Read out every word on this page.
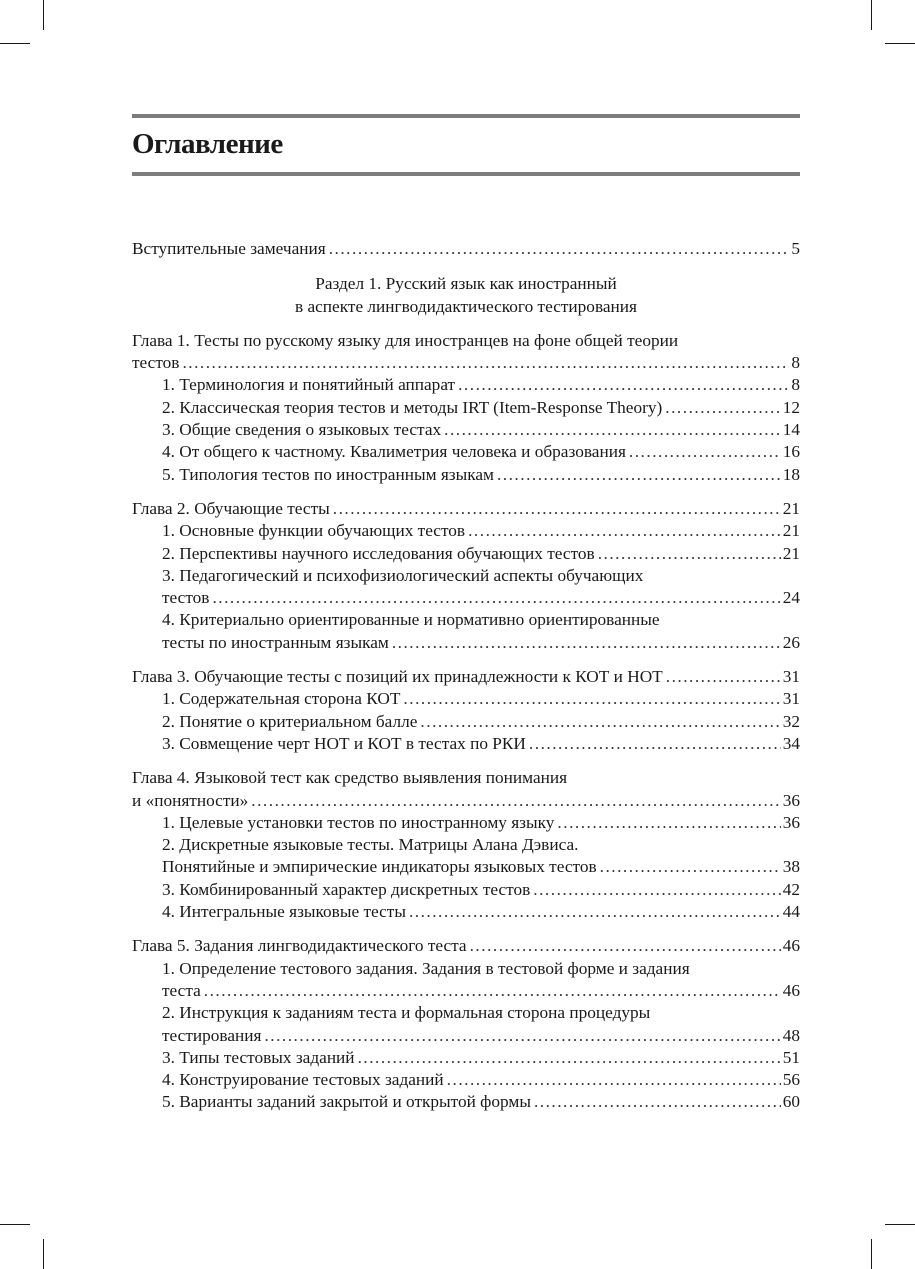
Оглавление
Вступительные замечания .....	5
Раздел 1. Русский язык как иностранный
в аспекте лингводидактического тестирования
Глава 1. Тесты по русскому языку для иностранцев на фоне общей теории
тестов .....	8
1. Терминология и понятийный аппарат .....	8
2. Классическая теория тестов и методы IRT (Item-Response Theory) .....	12
3. Общие сведения о языковых тестах .....	14
4. От общего к частному. Квалиметрия человека и образования .....	16
5. Типология тестов по иностранным языкам .....	18
Глава 2. Обучающие тесты .....	21
1. Основные функции обучающих тестов .....	21
2. Перспективы научного исследования обучающих тестов .....	21
3. Педагогический и психофизиологический аспекты обучающих
тестов .....	24
4. Критериально ориентированные и нормативно ориентированные
тесты по иностранным языкам .....	26
Глава 3. Обучающие тесты с позиций их принадлежности к КОТ и НОТ .....	31
1. Содержательная сторона КОТ .....	31
2. Понятие о критериальном балле .....	32
3. Совмещение черт НОТ и КОТ в тестах по РКИ .....	34
Глава 4. Языковой тест как средство выявления понимания
и «понятности» .....	36
1. Целевые установки тестов по иностранному языку .....	36
2. Дискретные языковые тесты. Матрицы Алана Дэвиса.
Понятийные и эмпирические индикаторы языковых тестов .....	38
3. Комбинированный характер дискретных тестов .....	42
4. Интегральные языковые тесты .....	44
Глава 5. Задания лингводидактического теста .....	46
1. Определение тестового задания. Задания в тестовой форме и задания
теста .....	46
2. Инструкция к заданиям теста и формальная сторона процедуры
тестирования .....	48
3. Типы тестовых заданий .....	51
4. Конструирование тестовых заданий .....	56
5. Варианты заданий закрытой и открытой формы .....	60
